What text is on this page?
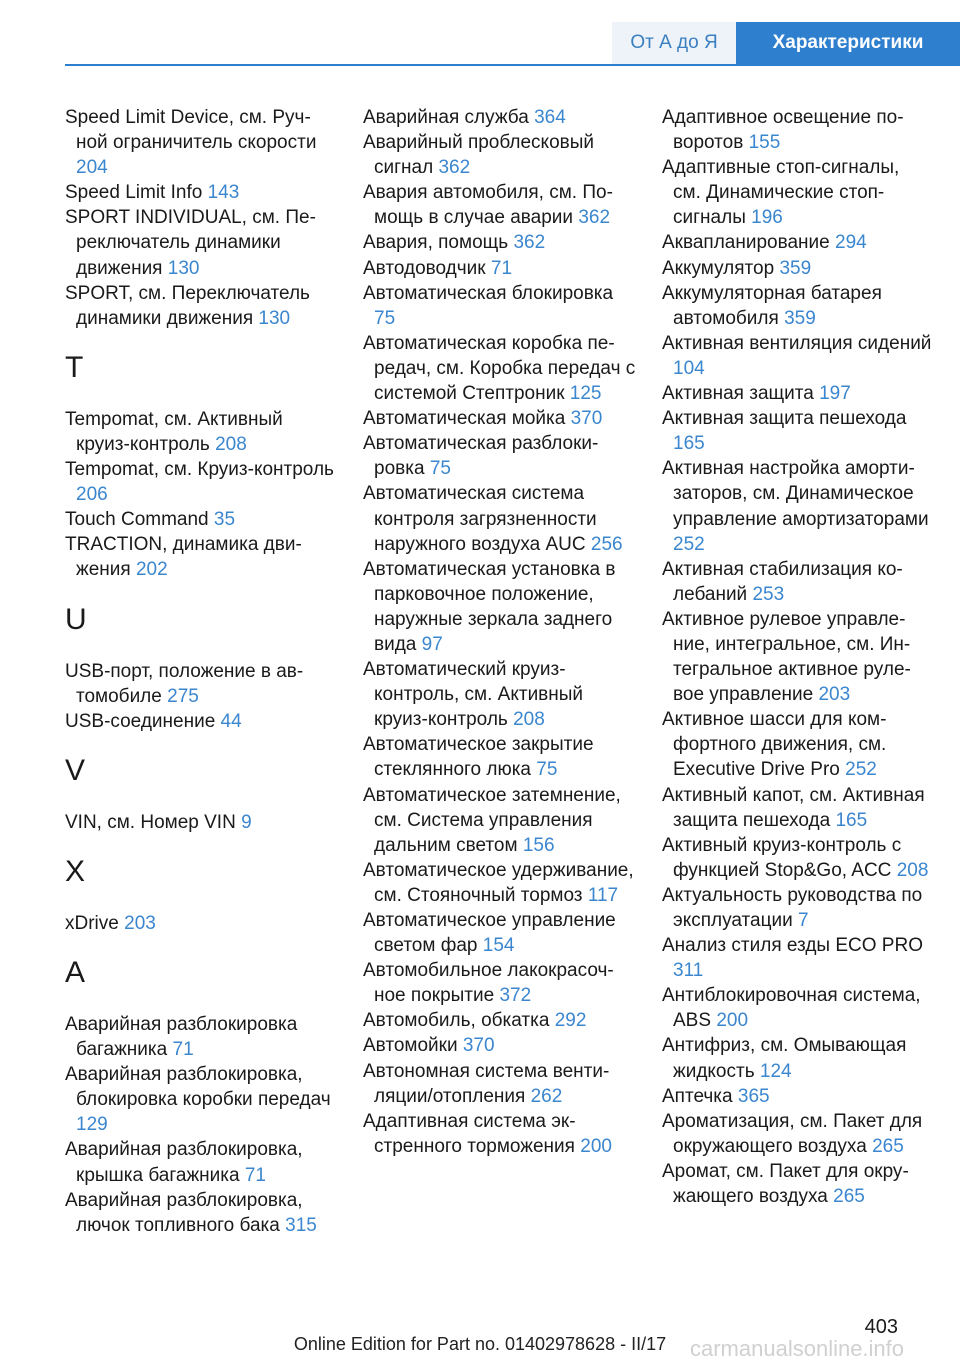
От А до Я	Характеристики
Speed Limit Device, см. Ручной ограничитель скорости 204
Speed Limit Info 143
SPORT INDIVIDUAL, см. Переключатель динамики движения 130
SPORT, см. Переключатель динамики движения 130
T
Tempomat, см. Активный круиз-контроль 208
Tempomat, см. Круиз-контроль 206
Touch Command 35
TRACTION, динамика движения 202
U
USB-порт, положение в автомобиле 275
USB-соединение 44
V
VIN, см. Номер VIN 9
X
xDrive 203
А
Аварийная разблокировка багажника 71
Аварийная разблокировка, блокировка коробки передач 129
Аварийная разблокировка, крышка багажника 71
Аварийная разблокировка, лючок топливного бака 315
Аварийная служба 364
Аварийный проблесковый сигнал 362
Авария автомобиля, см. Помощь в случае аварии 362
Авария, помощь 362
Автодоводчик 71
Автоматическая блокировка 75
Автоматическая коробка передач, см. Коробка передач с системой Стептроник 125
Автоматическая мойка 370
Автоматическая разблокировка 75
Автоматическая система контроля загрязненности наружного воздуха AUC 256
Автоматическая установка в парковочное положение, наружные зеркала заднего вида 97
Автоматический круиз-контроль, см. Активный круиз-контроль 208
Автоматическое закрытие стеклянного люка 75
Автоматическое затемнение, см. Система управления дальним светом 156
Автоматическое удерживание, см. Стояночный тормоз 117
Автоматическое управление светом фар 154
Автомобильное лакокрасочное покрытие 372
Автомобиль, обкатка 292
Автомойки 370
Автономная система вентиляции/отопления 262
Адаптивная система экстренного торможения 200
Адаптивное освещение поворотов 155
Адаптивные стоп-сигналы, см. Динамические стоп-сигналы 196
Аквапланирование 294
Аккумулятор 359
Аккумуляторная батарея автомобиля 359
Активная вентиляция сидений 104
Активная защита 197
Активная защита пешехода 165
Активная настройка амортизаторов, см. Динамическое управление амортизаторами 252
Активная стабилизация колебаний 253
Активное рулевое управление, интегральное, см. Интегральное активное рулевое управление 203
Активное шасси для комфортного движения, см. Executive Drive Pro 252
Активный капот, см. Активная защита пешехода 165
Активный круиз-контроль с функцией Stop&Go, ACC 208
Актуальность руководства по эксплуатации 7
Анализ стиля езды ECO PRO 311
Антиблокировочная система, ABS 200
Антифриз, см. Омывающая жидкость 124
Аптечка 365
Ароматизация, см. Пакет для окружающего воздуха 265
Аромат, см. Пакет для окружающего воздуха 265
403
Online Edition for Part no. 01402978628 - II/17	carmanualsonline.info
